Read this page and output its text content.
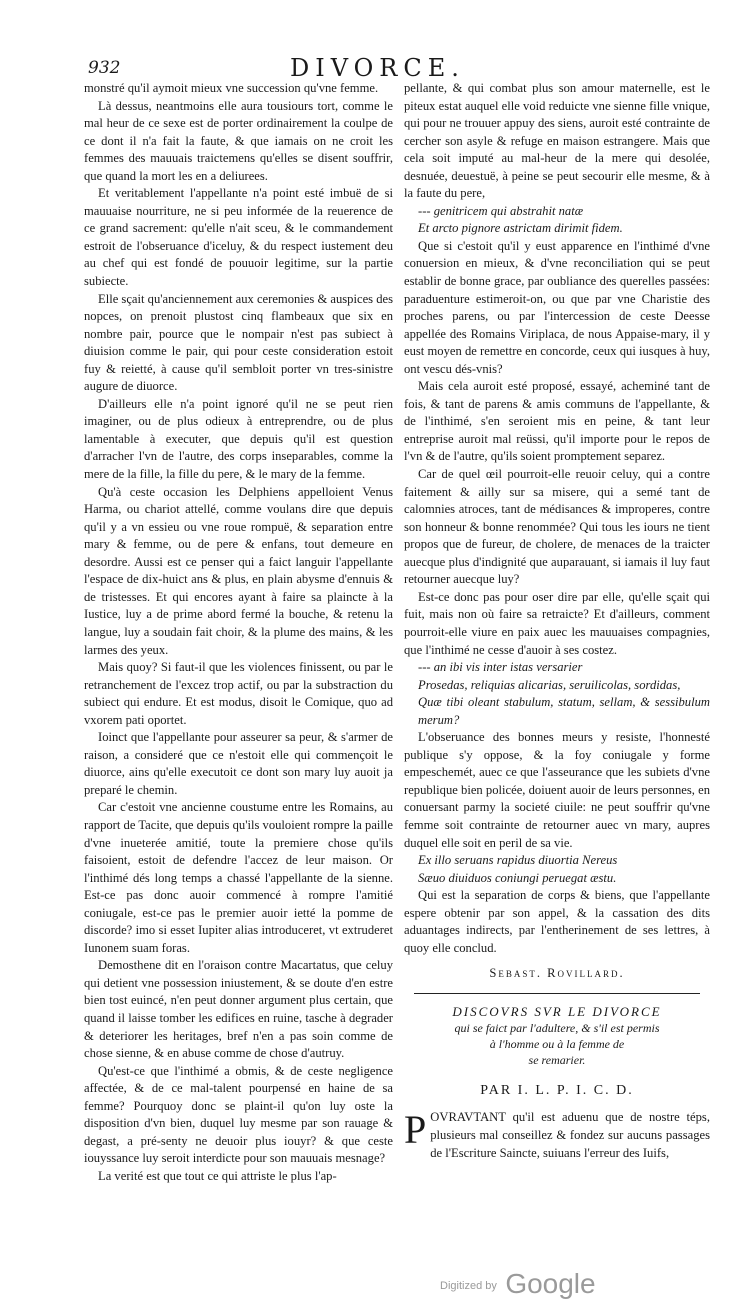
932	DIVORCE.

monstré qu'il aymoit mieux vne succession qu'vne femme.

Là dessus, neantmoins elle aura tousiours tort, comme le mal heur de ce sexe est de porter ordinairement la coulpe de ce dont il n'a fait la faute, & que iamais on ne croit les femmes des mauuais traictemens qu'elles se disent souffrir, que quand la mort les en a deliurees.

Et veritablement l'appellante n'a point esté imbuë de si mauuaise nourriture, ne si peu informée de la reuerence de ce grand sacrement: qu'elle n'ait sceu, & le commandement estroit de l'obseruance d'iceluy, & du respect iustement deu au chef qui est fondé de pouuoir legitime, sur la partie subiecte.

Elle sçait qu'anciennement aux ceremonies & auspices des nopces, on prenoit plustost cinq flambeaux que six en nombre pair, pource que le nompair n'est pas subiect à diuision comme le pair, qui pour ceste consideration estoit fuy & reietté, à cause qu'il sembloit porter vn tres-sinistre augure de diuorce.

D'ailleurs elle n'a point ignoré qu'il ne se peut rien imaginer, ou de plus odieux à entreprendre, ou de plus lamentable à executer, que depuis qu'il est question d'arracher l'vn de l'autre, des corps inseparables, comme la mere de la fille, la fille du pere, & le mary de la femme.

Qu'à ceste occasion les Delphiens appelloient Venus Harma, ou chariot attellé, comme voulans dire que depuis qu'il y a vn essieu ou vne roue rompuë, & separation entre mary & femme, ou de pere & enfans, tout demeure en desordre. Aussi est ce penser qui a faict languir l'appellante l'espace de dix-huict ans & plus, en plain abysme d'ennuis & de tristesses. Et qui encores ayant à faire sa plaincte à la Iustice, luy a de prime abord fermé la bouche, & retenu la langue, luy a soudain fait choir, & la plume des mains, & les larmes des yeux.

Mais quoy? Si faut-il que les violences finissent, ou par le retranchement de l'excez trop actif, ou par la substraction du subiect qui endure. Et est modus, disoit le Comique, quo ad vxorem pati oportet.

Ioinct que l'appellante pour asseurer sa peur, & s'armer de raison, a consideré que ce n'estoit elle qui commençoit le diuorce, ains qu'elle executoit ce dont son mary luy auoit ja preparé le chemin.

Car c'estoit vne ancienne coustume entre les Romains, au rapport de Tacite, que depuis qu'ils vouloient rompre la paille d'vne inueterée amitié, toute la premiere chose qu'ils faisoient, estoit de defendre l'accez de leur maison. Or l'inthimé dés long temps a chassé l'appellante de la sienne. Est-ce pas donc auoir commencé à rompre l'amitié coniugale, est-ce pas le premier auoir ietté la pomme de discorde? imo si esset Iupiter alias introduceret, vt extruderet Iunonem suam foras.

Demosthene dit en l'oraison contre Macartatus, que celuy qui detient vne possession iniustement, & se doute d'en estre bien tost euincé, n'en peut donner argument plus certain, que quand il laisse tomber les edifices en ruine, tasche à degrader & deteriorer les heritages, bref n'en a pas soin comme de chose sienne, & en abuse comme de chose d'autruy.

Qu'est-ce que l'inthimé a obmis, & de ceste negligence affectée, & de ce mal-talent pourpensé en haine de sa femme? Pourquoy donc se plaint-il qu'on luy oste la disposition d'vn bien, duquel luy mesme par son rauage & degast, a pré-senty ne deuoir plus iouyr? & que ceste iouyssance luy seroit interdicte pour son mauuais mesnage?

La verité est que tout ce qui attriste le plus l'ap-

pellante, & qui combat plus son amour maternelle, est le piteux estat auquel elle void reduicte vne sienne fille vnique, qui pour ne trouuer appuy des siens, auroit esté contrainte de cercher son asyle & refuge en maison estrangere. Mais que cela soit imputé au mal-heur de la mere qui desolée, desnuée, deuestuë, à peine se peut secourir elle mesme, & à la faute du pere,

--- genitricem qui abstrahit natæ

Et arcto pignore astrictam dirimit fidem.

Que si c'estoit qu'il y eust apparence en l'inthimé d'vne conuersion en mieux, & d'vne reconciliation qui se peut establir de bonne grace, par oubliance des querelles passées: paraduenture estimeroit-on, ou que par vne Charistie des proches parens, ou par l'intercession de ceste Deesse appellée des Romains Viriplaca, de nous Appaise-mary, il y eust moyen de remettre en concorde, ceux qui iusques à huy, ont vescu dés-vnis?

Mais cela auroit esté proposé, essayé, acheminé tant de fois, & tant de parens & amis communs de l'appellante, & de l'inthimé, s'en seroient mis en peine, & tant leur entreprise auroit mal reüssi, qu'il importe pour le repos de l'vn & de l'autre, qu'ils soient promptement separez.

Car de quel œil pourroit-elle reuoir celuy, qui a contre faitement & ailly sur sa misere, qui a semé tant de calomnies atroces, tant de médisances & improperes, contre son honneur & bonne renommée? Qui tous les iours ne tient propos que de fureur, de cholere, de menaces de la traicter auecque plus d'indignité que auparauant, si iamais il luy faut retourner auecque luy?

Est-ce donc pas pour oser dire par elle, qu'elle sçait qui fuit, mais non où faire sa retraicte? Et d'ailleurs, comment pourroit-elle viure en paix auec les mauuaises compagnies, que l'inthimé ne cesse d'auoir à ses costez.

--- an ibi vis inter istas versarier

Prosedas, reliquias alicarias, seruilicolas, sordidas,

Quæ tibi oleant stabulum, statum, sellam, & sessibulum merum?

L'obseruance des bonnes meurs y resiste, l'honnesté publique s'y oppose, & la foy coniugale y forme empeschemét, auec ce que l'asseurance que les subiets d'vne republique bien policée, doiuent auoir de leurs personnes, en conuersant parmy la societé ciuile: ne peut souffrir qu'vne femme soit contrainte de retourner auec vn mary, aupres duquel elle soit en peril de sa vie.

Ex illo seruans rapidus diuortia Nereus

Sæuo diuiduos coniungi peruegat æstu.

Qui est la separation de corps & biens, que l'appellante espere obtenir par son appel, & la cassation des dits aduantages indirects, par l'entherinement de ses lettres, à quoy elle conclud.

Sebast. Rovillard.

DISCOVRS SVR LE DIVORCE
qui se faict par l'adultere, & s'il est permis
à l'homme ou à la femme de
se remarier.
PAR I. L. P. I. C. D.

P OVRAVTANT qu'il est aduenu que de nostre téps, plusieurs mal conseillez & fondez sur aucuns passages de l'Escriture Saincte, suiuans l'erreur des Iuifs,

Digitized by Google
